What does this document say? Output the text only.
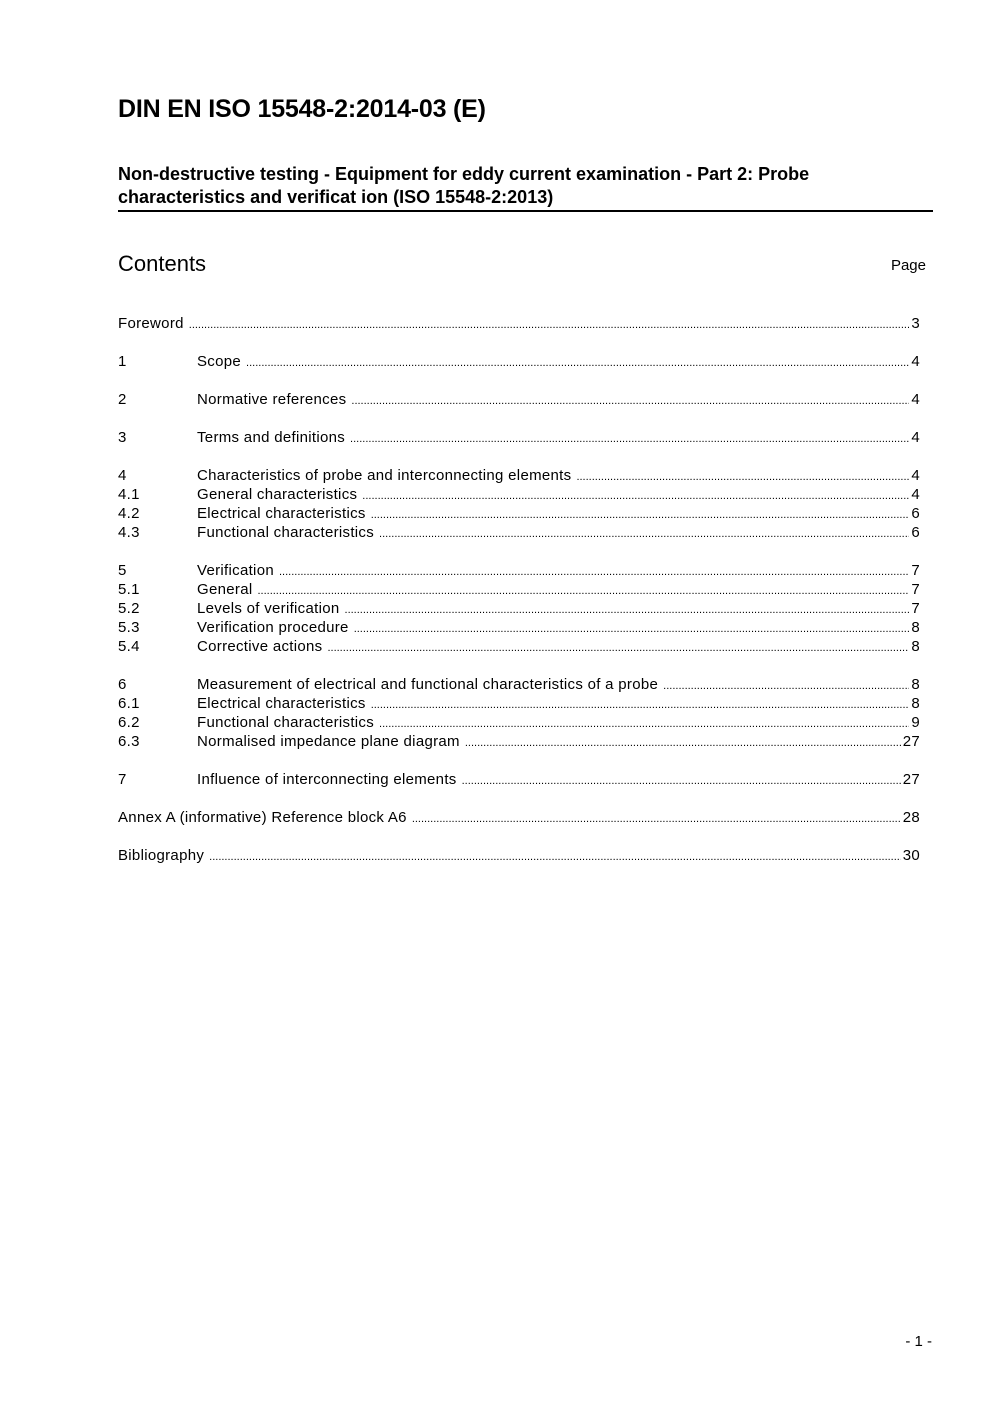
DIN EN ISO 15548-2:2014-03 (E)
Non-destructive testing - Equipment for eddy current examination - Part 2: Probe
characteristics and verificat ion (ISO 15548-2:2013)
Contents	Page
Foreword .....	3
1	Scope .....	4
2	Normative references .....	4
3	Terms and definitions .....	4
4	Characteristics of probe and interconnecting elements .....	4
4.1	General characteristics .....	4
4.2	Electrical characteristics .....	6
4.3	Functional characteristics .....	6
5	Verification .....	7
5.1	General .....	7
5.2	Levels of verification .....	7
5.3	Verification procedure .....	8
5.4	Corrective actions .....	8
6	Measurement of electrical and functional characteristics of a probe .....	8
6.1	Electrical characteristics .....	8
6.2	Functional characteristics .....	9
6.3	Normalised impedance plane diagram .....	27
7	Influence of interconnecting elements .....	27
Annex A (informative) Reference block A6 .....	28
Bibliography .....	30
- 1 -
